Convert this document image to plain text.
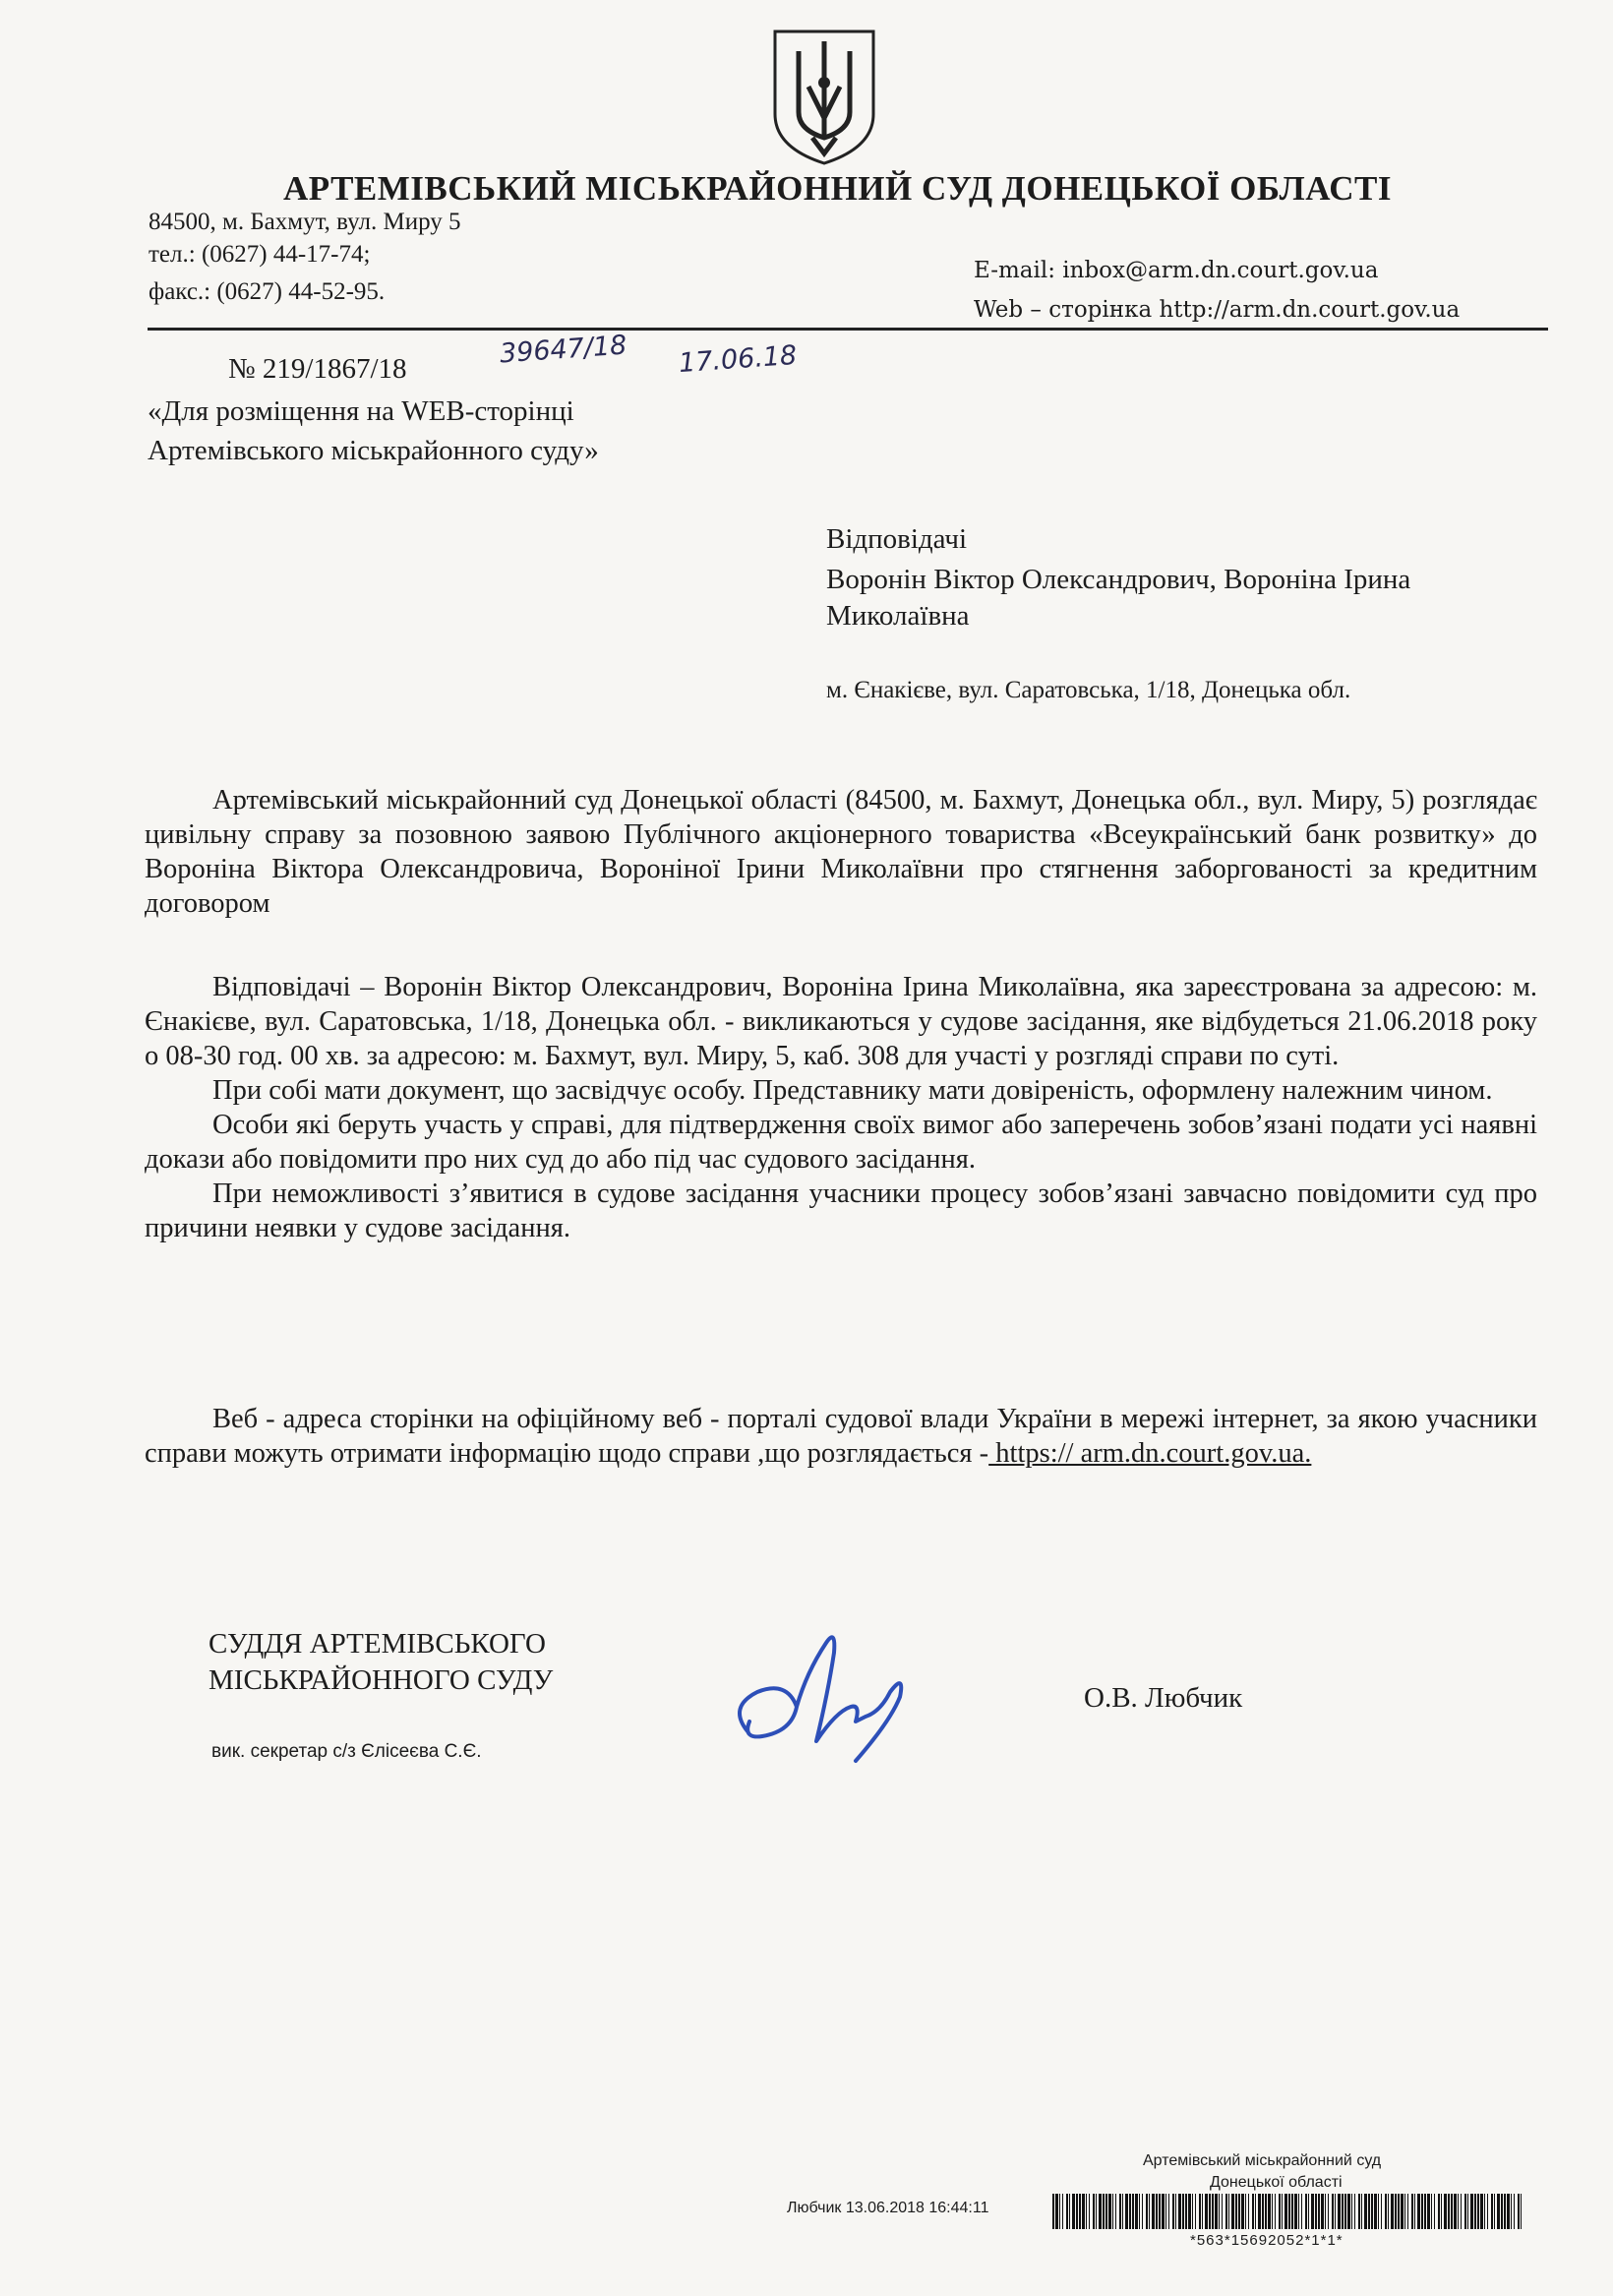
АРТЕМІВСЬКИЙ МІСЬКРАЙОННИЙ СУД ДОНЕЦЬКОЇ ОБЛАСТІ
84500, м. Бахмут, вул. Миру 5
тел.: (0627) 44-17-74;
факс.: (0627) 44-52-95.
E-mail: inbox@arm.dn.court.gov.ua
Web – сторінка http://arm.dn.court.gov.ua
№ 219/1867/18	39647/18 17.06.18
«Для розміщення на WEB-сторінці
Артемівського міськрайонного суду»
Відповідачі
Воронін Віктор Олександрович, Вороніна Ірина
Миколаївна
м. Єнакієве, вул. Саратовська, 1/18, Донецька обл.

Артемівський міськрайонний суд Донецької області (84500, м. Бахмут, Донецька обл., вул. Миру, 5) розглядає цивільну справу за позовною заявою Публічного акціонерного товариства «Всеукраїнський банк розвитку» до Вороніна Віктора Олександровича, Вороніної Ірини Миколаївни про стягнення заборгованості за кредитним договором

Відповідачі – Воронін Віктор Олександрович, Вороніна Ірина Миколаївна, яка зареєстрована за адресою: м. Єнакієве, вул. Саратовська, 1/18, Донецька обл. - викликаються у судове засідання, яке відбудеться 21.06.2018 року о 08-30 год. 00 хв. за адресою: м. Бахмут, вул. Миру, 5, каб. 308 для участі у розгляді справи по суті.

При собі мати документ, що засвідчує особу. Представнику мати довіреність, оформлену належним чином.

Особи які беруть участь у справі, для підтвердження своїх вимог або заперечень зобов’язані подати усі наявні докази або повідомити про них суд до або під час судового засідання.

При неможливості з’явитися в судове засідання учасники процесу зобов’язані завчасно повідомити суд про причини неявки у судове засідання.

Веб - адреса сторінки на офіційному веб - порталі судової влади України в мережі інтернет, за якою учасники справи можуть отримати інформацію щодо справи ,що розглядається - https:// arm.dn.court.gov.ua.

СУДДЯ АРТЕМІВСЬКОГО
МІСЬКРАЙОННОГО СУДУ
О.В. Любчик
вик. секретар с/з Єлісеєва С.Є.
Артемівський міськрайонний суд
Донецької області
Любчик 13.06.2018 16:44:11
*563*15692052*1*1*
